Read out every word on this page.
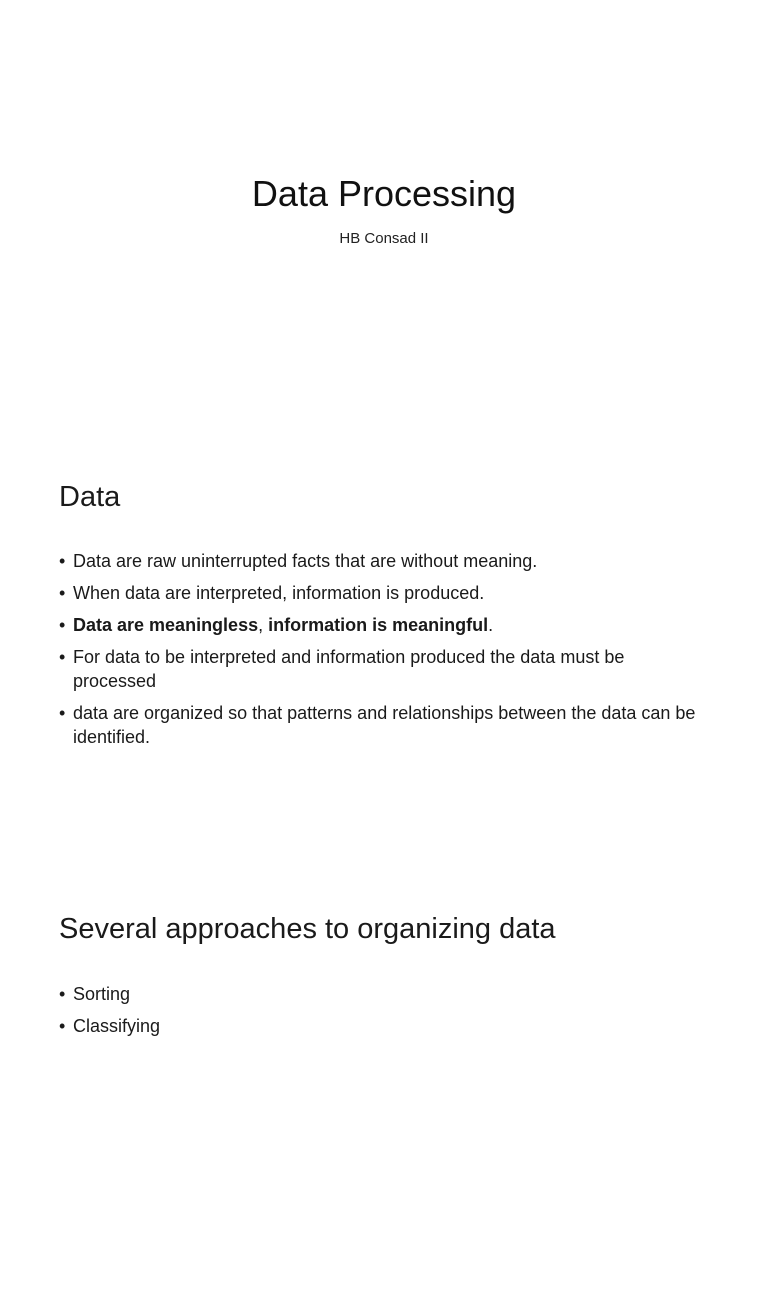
Data Processing
HB Consad II
Data
• Data are raw uninterrupted facts that are without meaning.
• When data are interpreted, information is produced.
• Data are meaningless, information is meaningful.
• For data to be interpreted and information produced the data must be processed
• data are organized so that patterns and relationships between the data can be identified.
Several approaches to organizing data
• Sorting
• Classifying
